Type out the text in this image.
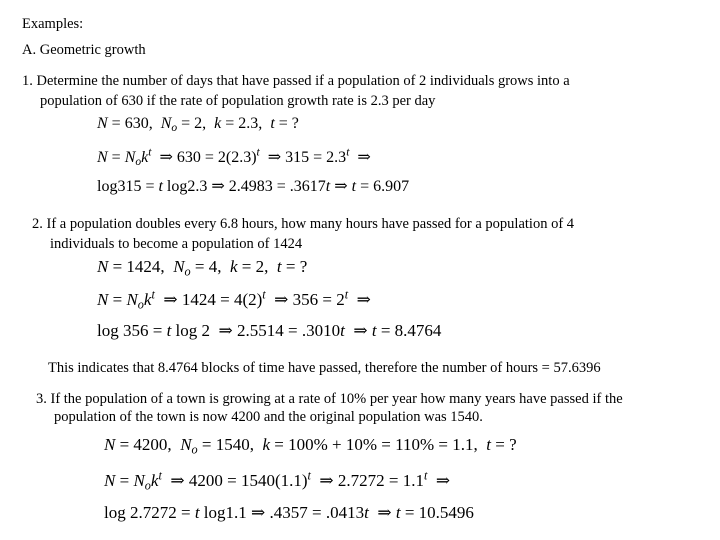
Examples:
A. Geometric growth
1. Determine the number of days that have passed if a population of 2 individuals grows into a
population of 630 if the rate of population growth rate is 2.3 per day
N = 630,  $N_o = 2$,  k = 2.3,  t = ?
$N = N_ok^t$  ⇒ $630 = 2(2.3)^t$  ⇒ $315 = 2.3^t$  ⇒
log315 = t log2.3 ⇒ 2.4983 = .3617t ⇒ t = 6.907
2. If a population doubles every 6.8 hours, how many hours have passed for a population of 4
individuals to become a population of 1424
N = 1424,  $N_o = 4$,  k = 2,  t = ?
$N = N_ok^t$  ⇒ $1424 = 4(2)^t$  ⇒ $356 = 2^t$  ⇒
log 356 = t log 2  ⇒ 2.5514 = .3010t  ⇒ t = 8.4764
This indicates that 8.4764 blocks of time have passed, therefore the number of hours = 57.6396
3. If the population of a town is growing at a rate of 10% per year how many years have passed if the
population of the town is now 4200 and the original population was 1540.
N = 4200,  $N_o = 1540$,  k = 100% + 10% = 110% = 1.1,  t = ?
$N = N_ok^t$  ⇒ $4200 = 1540(1.1)^t$  ⇒ $2.7272 = 1.1^t$  ⇒
log 2.7272 = t log1.1 ⇒ .4357 = .0413t  ⇒ t = 10.5496
